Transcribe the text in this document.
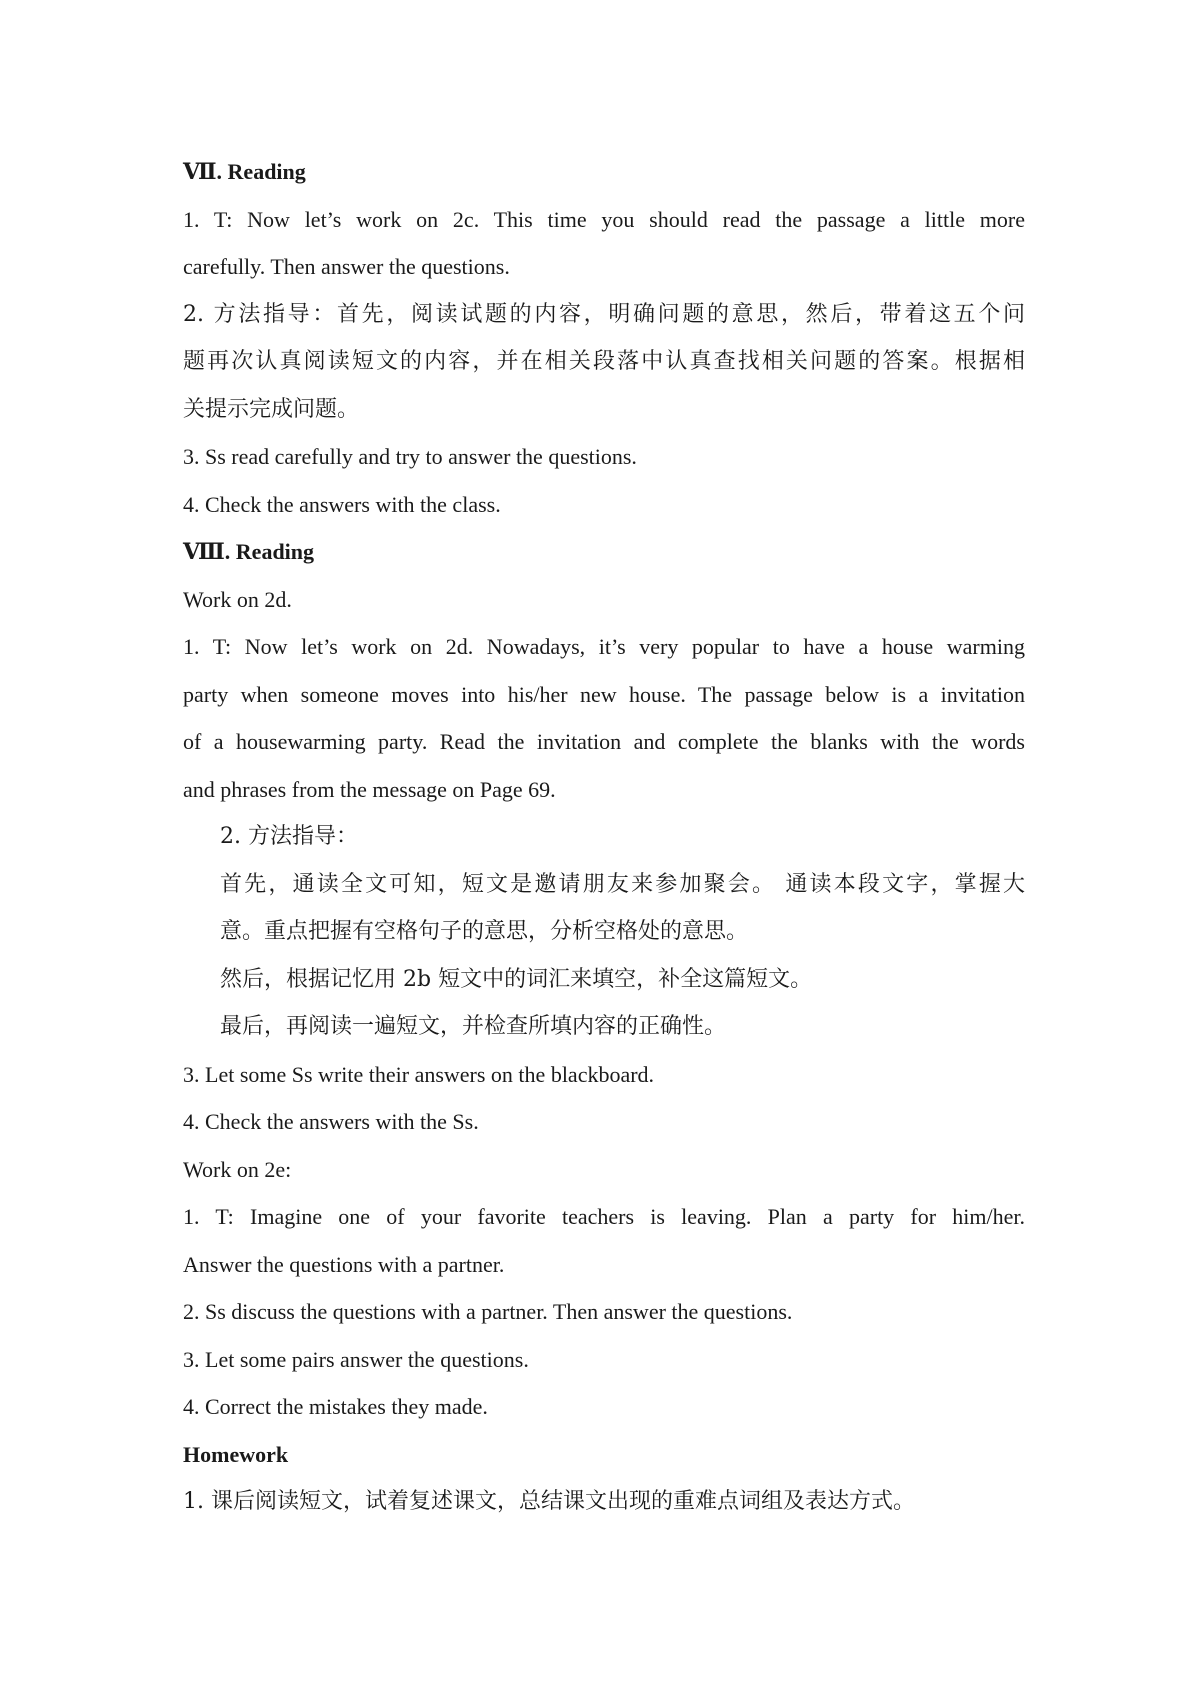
Ⅶ. Reading

1. T: Now let’s work on 2c. This time you should read the passage a little more

carefully. Then answer the questions.

2. 方法指导：首先，阅读试题的内容，明确问题的意思，然后，带着这五个问

题再次认真阅读短文的内容，并在相关段落中认真查找相关问题的答案。根据相

关提示完成问题。

3. Ss read carefully and try to answer the questions.

4. Check the answers with the class.

Ⅷ. Reading

Work on 2d.

1. T: Now let’s work on 2d. Nowadays, it’s very popular to have a house warming

party when someone moves into his/her new house. The passage below is a invitation

of a housewarming party. Read the invitation and complete the blanks with the words

and phrases from the message on Page 69.

2. 方法指导：

首先，通读全文可知，短文是邀请朋友来参加聚会。 通读本段文字，掌握大

意。重点把握有空格句子的意思，分析空格处的意思。

然后，根据记忆用 2b 短文中的词汇来填空，补全这篇短文。

最后，再阅读一遍短文，并检查所填内容的正确性。

3. Let some Ss write their answers on the blackboard.

4. Check the answers with the Ss.

Work on 2e:

1. T: Imagine one of your favorite teachers is leaving. Plan a party for him/her.

Answer the questions with a partner.

2. Ss discuss the questions with a partner. Then answer the questions.

3. Let some pairs answer the questions.

4. Correct the mistakes they made.

Homework

1. 课后阅读短文，试着复述课文，总结课文出现的重难点词组及表达方式。
